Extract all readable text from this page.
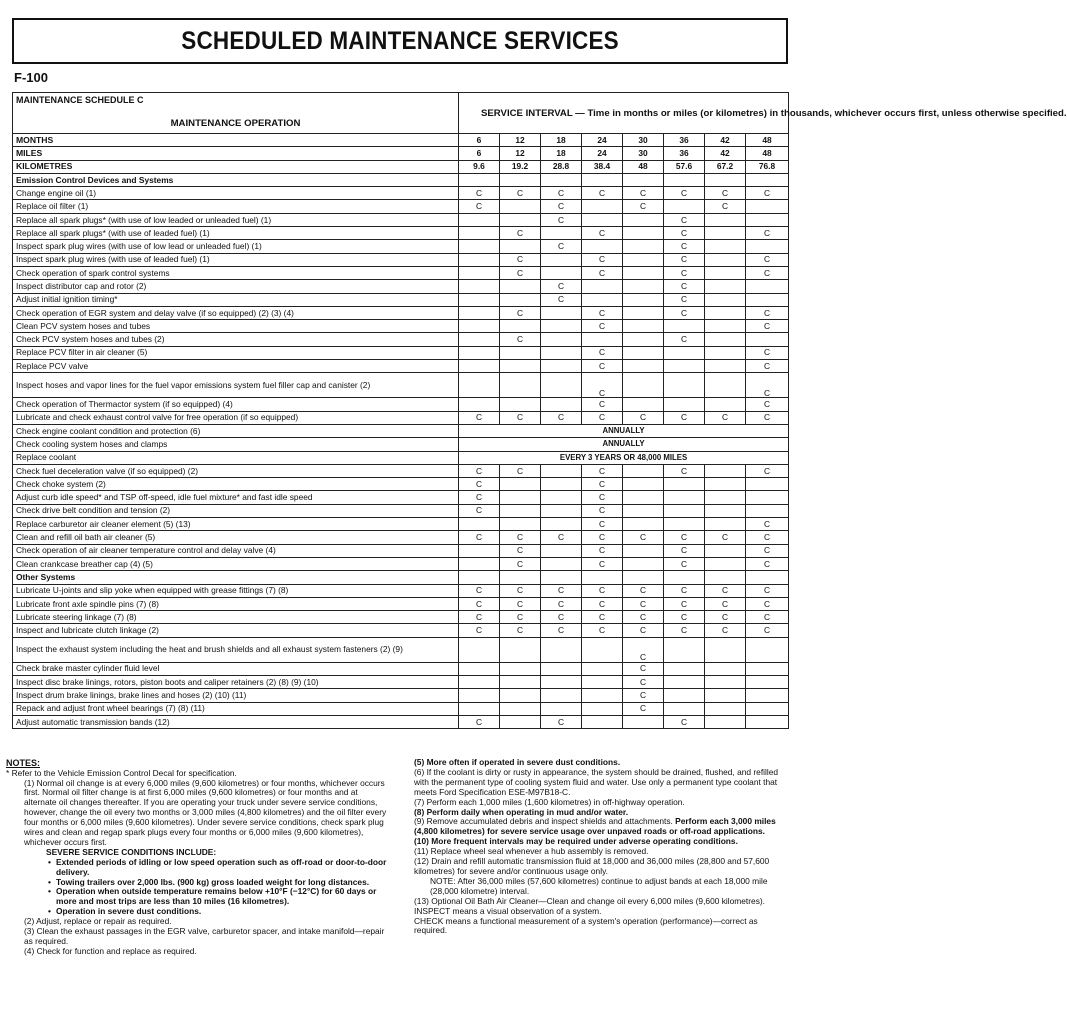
SCHEDULED MAINTENANCE SERVICES
F-100
MAINTENANCE SCHEDULE C
MAINTENANCE OPERATION	SERVICE INTERVAL — Time in months or miles (or kilometres) in thousands, whichever occurs first, unless otherwise specified.							
MONTHS	6	12	18	24	30	36	42	48
MILES	6	12	18	24	30	36	42	48
KILOMETRES	9.6	19.2	28.8	38.4	48	57.6	67.2	76.8
Emission Control Devices and Systems								
Change engine oil (1)	C	C	C	C	C	C	C	C
Replace oil filter (1)	C		C		C		C	
Replace all spark plugs* (with use of low leaded or unleaded fuel) (1)			C			C		
Replace all spark plugs* (with use of leaded fuel) (1)		C		C		C		C
Inspect spark plug wires (with use of low lead or unleaded fuel) (1)			C			C		
Inspect spark plug wires (with use of leaded fuel) (1)		C		C		C		C
Check operation of spark control systems		C		C		C		C
Inspect distributor cap and rotor (2)			C			C		
Adjust initial ignition timing*			C			C		
Check operation of EGR system and delay valve (if so equipped) (2) (3) (4)		C		C		C		C
Clean PCV system hoses and tubes				C				C
Check PCV system hoses and tubes (2)		C				C		
Replace PCV filter in air cleaner (5)				C				C
Replace PCV valve				C				C
Inspect hoses and vapor lines for the fuel vapor emissions system fuel filler cap and canister (2)				C				C
Check operation of Thermactor system (if so equipped) (4)				C				C
Lubricate and check exhaust control valve for free operation (if so equipped)	C	C	C	C	C	C	C	C
Check engine coolant condition and protection (6)	ANNUALLY							
Check cooling system hoses and clamps	ANNUALLY							
Replace coolant	EVERY 3 YEARS OR 48,000 MILES							
Check fuel deceleration valve (if so equipped) (2)	C	C		C		C		C
Check choke system (2)	C			C				
Adjust curb idle speed* and TSP off-speed, idle fuel mixture* and fast idle speed	C			C				
Check drive belt condition and tension (2)	C			C				
Replace carburetor air cleaner element (5) (13)				C				C
Clean and refill oil bath air cleaner (5)	C	C	C	C	C	C	C	C
Check operation of air cleaner temperature control and delay valve (4)		C		C		C		C
Clean crankcase breather cap (4) (5)		C		C		C		C
Other Systems								
Lubricate U-joints and slip yoke when equipped with grease fittings (7) (8)	C	C	C	C	C	C	C	C
Lubricate front axle spindle pins (7) (8)	C	C	C	C	C	C	C	C
Lubricate steering linkage (7) (8)	C	C	C	C	C	C	C	C
Inspect and lubricate clutch linkage (2)	C	C	C	C	C	C	C	C
Inspect the exhaust system including the heat and brush shields and all exhaust system fasteners (2) (9)					C			
Check brake master cylinder fluid level					C			
Inspect disc brake linings, rotors, piston boots and caliper retainers (2) (8) (9) (10)					C			
Inspect drum brake linings, brake lines and hoses (2) (10) (11)					C			
Repack and adjust front wheel bearings (7) (8) (11)					C			
Adjust automatic transmission bands (12)	C		C			C		
NOTES:
* Refer to the Vehicle Emission Control Decal for specification.
(1) Normal oil change is at every 6,000 miles (9,600 kilometres) or four months, whichever occurs first. Normal oil filter change is at first 6,000 miles (9,600 kilometres) or four months and at alternate oil changes thereafter. If you are operating your truck under severe service conditions, however, change the oil every two months or 3,000 miles (4,800 kilometres) and the oil filter every four months or 6,000 miles (9,600 kilometres). Under severe service conditions, check spark plug wires and clean and regap spark plugs every four months or 6,000 miles (9,600 kilometres), whichever occurs first.
SEVERE SERVICE CONDITIONS INCLUDE:
• Extended periods of idling or low speed operation such as off-road or door-to-door delivery.
• Towing trailers over 2,000 lbs. (900 kg) gross loaded weight for long distances.
• Operation when outside temperature remains below +10°F (−12°C) for 60 days or more and most trips are less than 10 miles (16 kilometres).
• Operation in severe dust conditions.
(2) Adjust, replace or repair as required.
(3) Clean the exhaust passages in the EGR valve, carburetor spacer, and intake manifold—repair as required.
(4) Check for function and replace as required.
(5) More often if operated in severe dust conditions.
(6) If the coolant is dirty or rusty in appearance, the system should be drained, flushed, and refilled with the permanent type of cooling system fluid and water. Use only a permanent type coolant that meets Ford Specification ESE-M97B18-C.
(7) Perform each 1,000 miles (1,600 kilometres) in off-highway operation.
(8) Perform daily when operating in mud and/or water.
(9) Remove accumulated debris and inspect shields and attachments. Perform each 3,000 miles (4,800 kilometres) for severe service usage over unpaved roads or off-road applications.
(10) More frequent intervals may be required under adverse operating conditions.
(11) Replace wheel seal whenever a hub assembly is removed.
(12) Drain and refill automatic transmission fluid at 18,000 and 36,000 miles (28,800 and 57,600 kilometres) for severe and/or continuous usage only.
NOTE: After 36,000 miles (57,600 kilometres) continue to adjust bands at each 18,000 mile (28,000 kilometre) interval.
(13) Optional Oil Bath Air Cleaner—Clean and change oil every 6,000 miles (9,600 kilometres).
INSPECT means a visual observation of a system.
CHECK means a functional measurement of a system's operation (performance)—correct as required.
